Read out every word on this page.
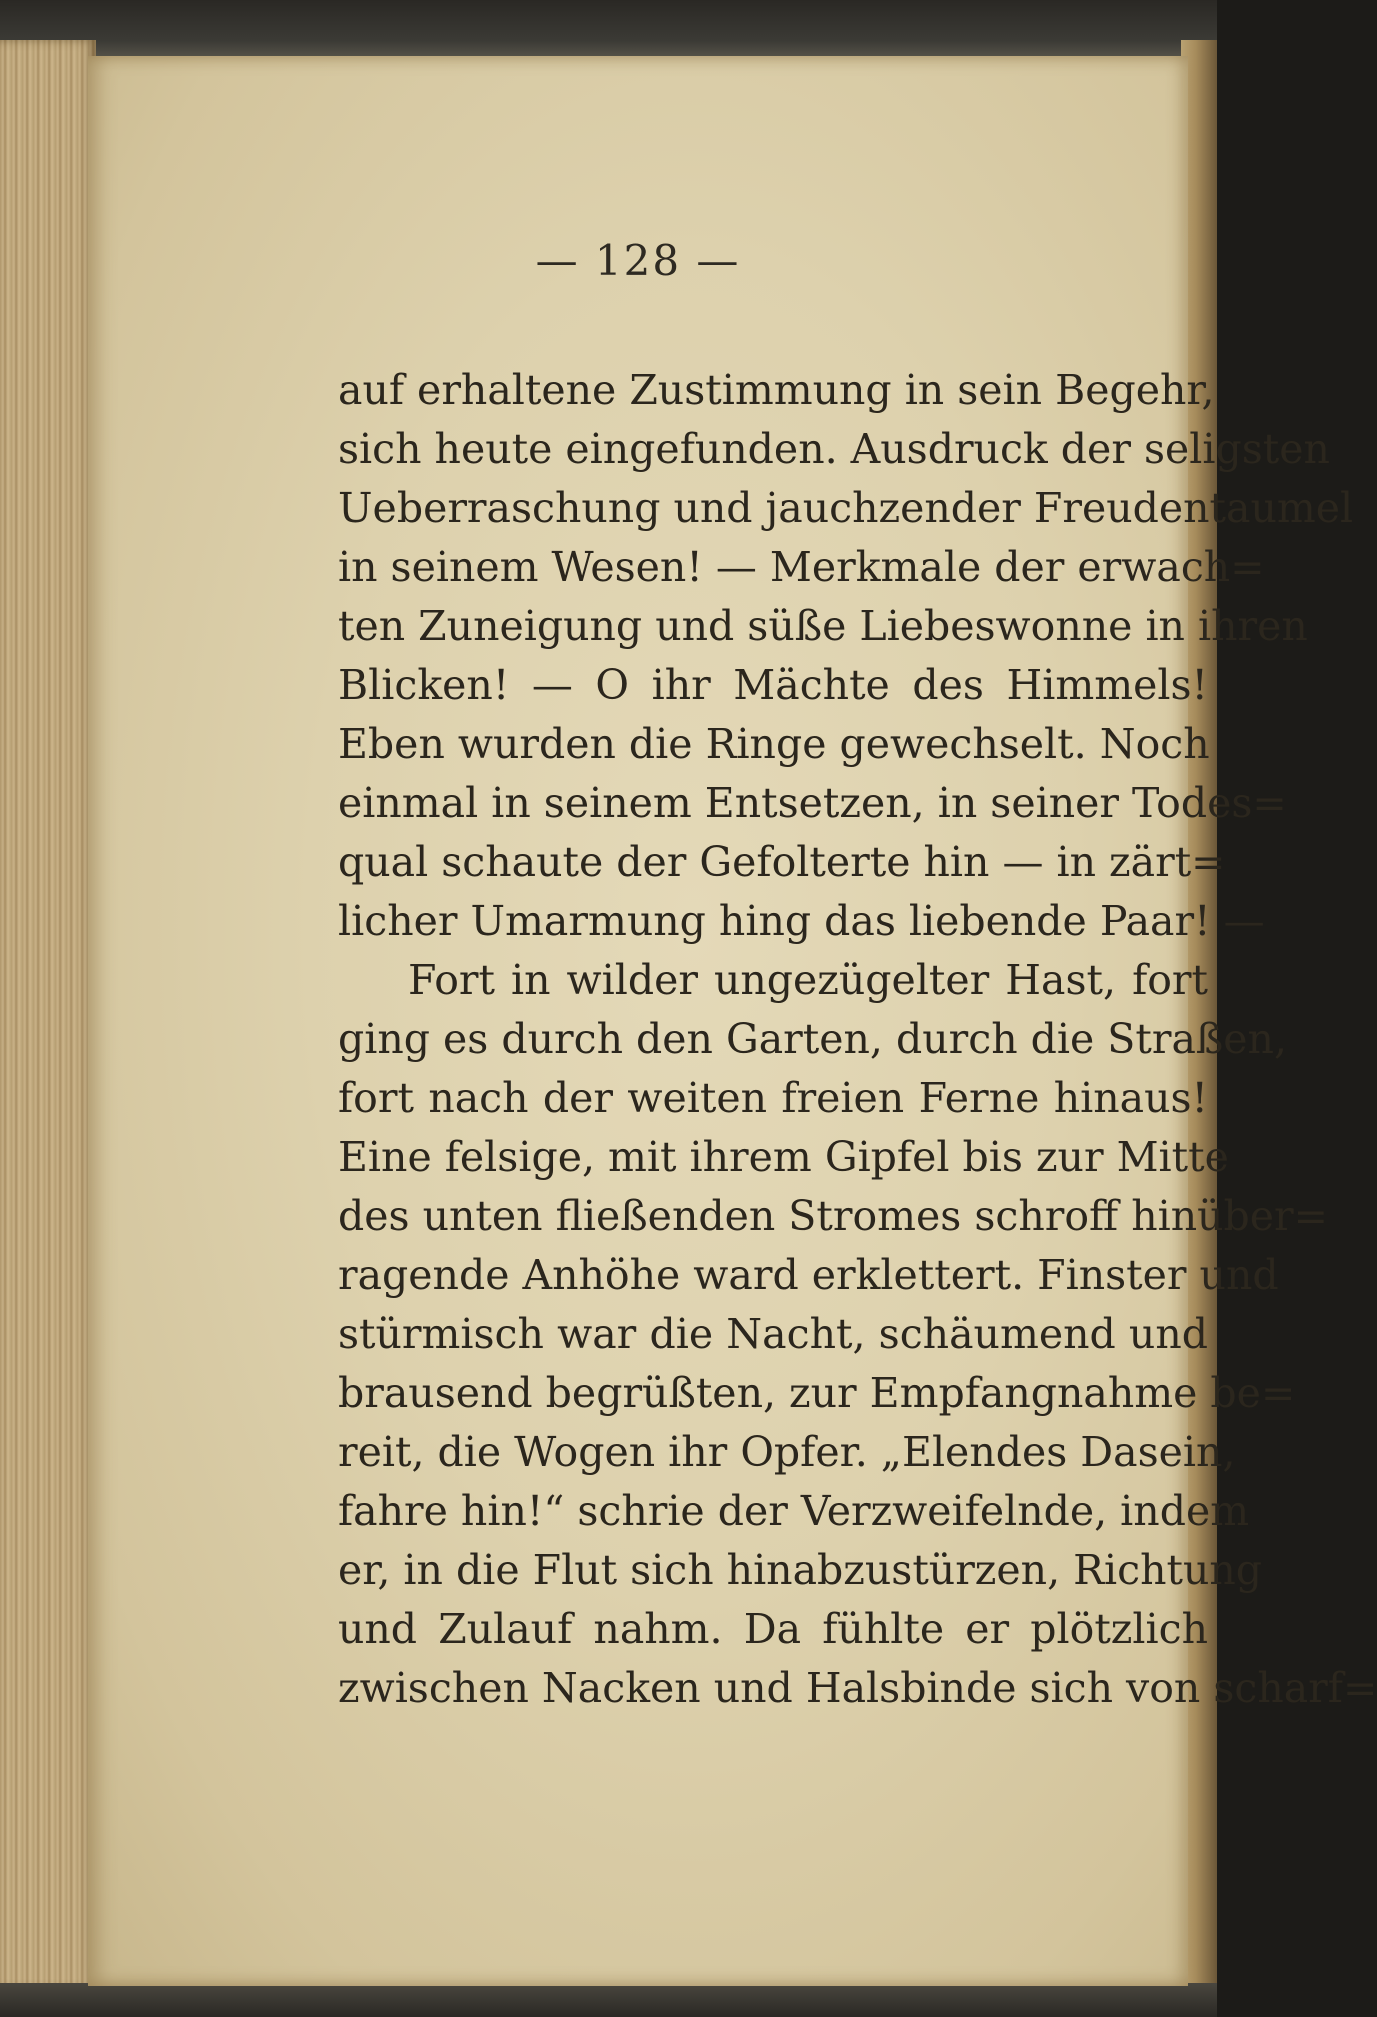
— 128 —
auf erhaltene Zustimmung in sein Begehr,
sich heute eingefunden. Ausdruck der seligsten
Ueberraschung und jauchzender Freudentaumel
in seinem Wesen! — Merkmale der erwach=
ten Zuneigung und süße Liebeswonne in ihren
Blicken! — O ihr Mächte des Himmels!
Eben wurden die Ringe gewechselt. Noch
einmal in seinem Entsetzen, in seiner Todes=
qual schaute der Gefolterte hin — in zärt=
licher Umarmung hing das liebende Paar! —
Fort in wilder ungezügelter Hast, fort
ging es durch den Garten, durch die Straßen,
fort nach der weiten freien Ferne hinaus!
Eine felsige, mit ihrem Gipfel bis zur Mitte
des unten fließenden Stromes schroff hinüber=
ragende Anhöhe ward erklettert. Finster und
stürmisch war die Nacht, schäumend und
brausend begrüßten, zur Empfangnahme be=
reit, die Wogen ihr Opfer. „Elendes Dasein,
fahre hin!“ schrie der Verzweifelnde, indem
er, in die Flut sich hinabzustürzen, Richtung
und Zulauf nahm. Da fühlte er plötzlich
zwischen Nacken und Halsbinde sich von scharf=
